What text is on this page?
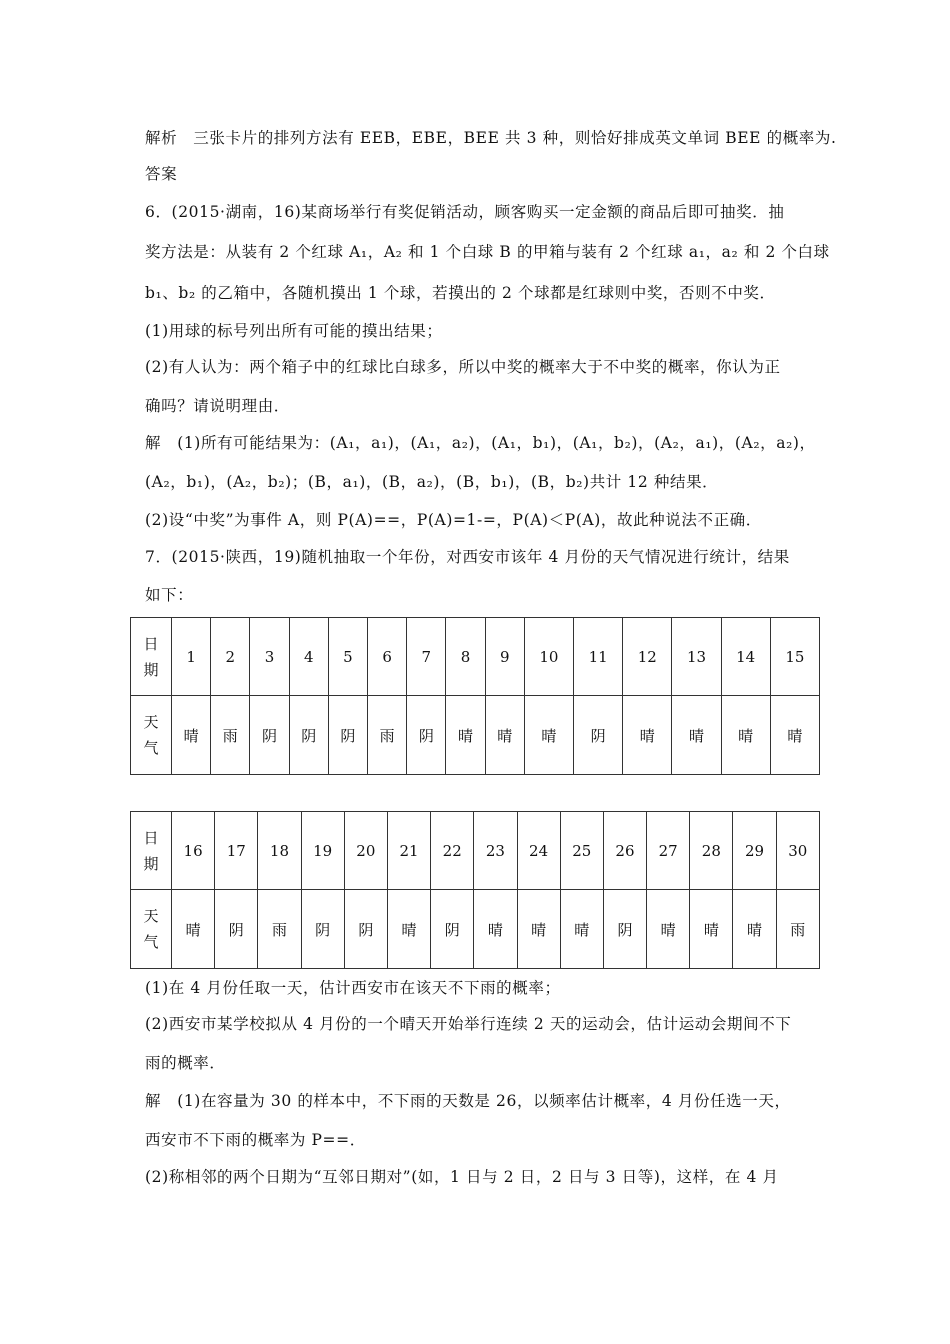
解析　三张卡片的排列方法有 EEB，EBE，BEE 共 3 种，则恰好排成英文单词 BEE 的概率为.
答案
6．(2015·湖南，16)某商场举行有奖促销活动，顾客购买一定金额的商品后即可抽奖．抽
奖方法是：从装有 2 个红球 A₁，A₂ 和 1 个白球 B 的甲箱与装有 2 个红球 a₁，a₂ 和 2 个白球
b₁、b₂ 的乙箱中，各随机摸出 1 个球，若摸出的 2 个球都是红球则中奖，否则不中奖．
(1)用球的标号列出所有可能的摸出结果；
(2)有人认为：两个箱子中的红球比白球多，所以中奖的概率大于不中奖的概率，你认为正
确吗？请说明理由．
解　(1)所有可能结果为：(A₁，a₁)，(A₁，a₂)，(A₁，b₁)，(A₁，b₂)，(A₂，a₁)，(A₂，a₂)，
(A₂，b₁)，(A₂，b₂)；(B，a₁)，(B，a₂)，(B，b₁)，(B，b₂)共计 12 种结果．
(2)设“中奖”为事件 A，则 P(A)==，P(A)=1-=，P(A)＜P(A)，故此种说法不正确．
7．(2015·陕西，19)随机抽取一个年份，对西安市该年 4 月份的天气情况进行统计，结果
如下：
日
期	1	2	3	4	5	6	7	8	9	10	11	12	13	14	15

天
气	晴	雨	阴	阴	阴	雨	阴	晴	晴	晴	阴	晴	晴	晴	晴
日
期	16	17	18	19	20	21	22	23	24	25	26	27	28	29	30

天
气	晴	阴	雨	阴	阴	晴	阴	晴	晴	晴	阴	晴	晴	晴	雨
(1)在 4 月份任取一天，估计西安市在该天不下雨的概率；
(2)西安市某学校拟从 4 月份的一个晴天开始举行连续 2 天的运动会，估计运动会期间不下
雨的概率．
解　(1)在容量为 30 的样本中，不下雨的天数是 26，以频率估计概率，4 月份任选一天，
西安市不下雨的概率为 P==．
(2)称相邻的两个日期为“互邻日期对”(如，1 日与 2 日，2 日与 3 日等)，这样，在 4 月
